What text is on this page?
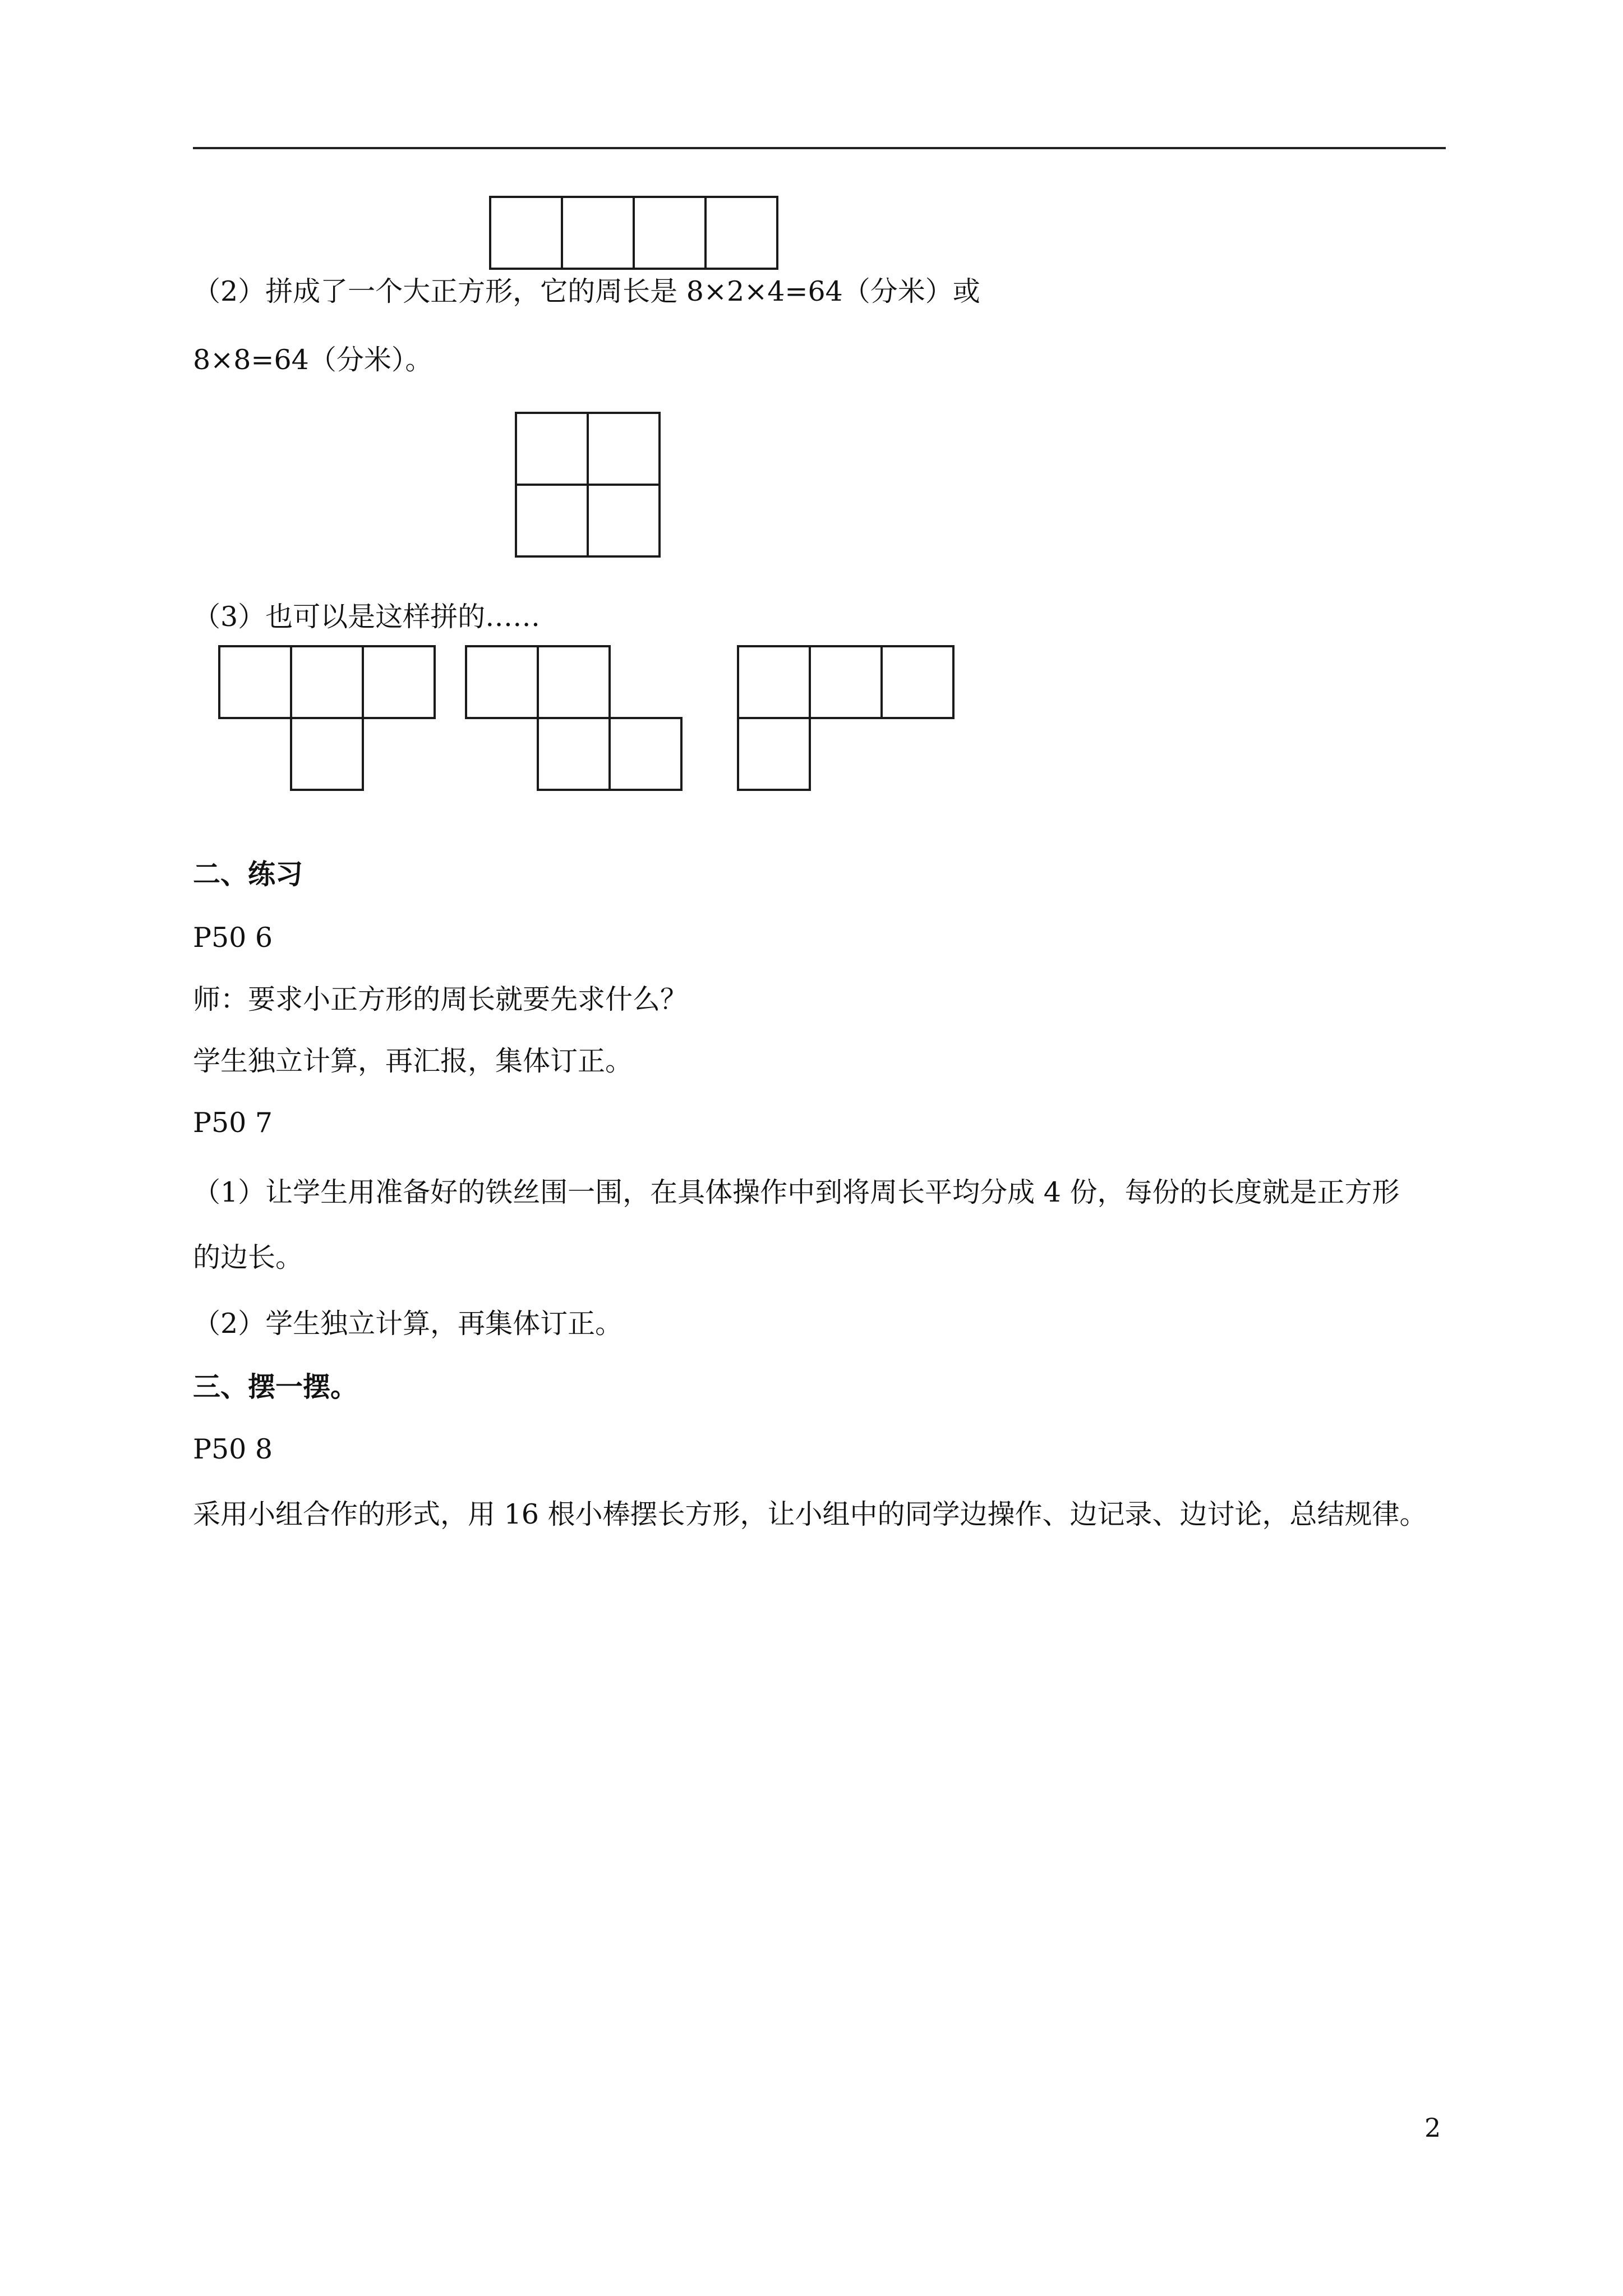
（2）拼成了一个大正方形，它的周长是 8×2×4=64（分米）或
8×8=64（分米）。
（3）也可以是这样拼的……
二、练习
P50 6
师：要求小正方形的周长就要先求什么？
学生独立计算，再汇报，集体订正。
P50 7
（1）让学生用准备好的铁丝围一围，在具体操作中到将周长平均分成 4 份，每份的长度就是正方形
的边长。
（2）学生独立计算，再集体订正。
三、摆一摆。
P50 8
采用小组合作的形式，用 16 根小棒摆长方形，让小组中的同学边操作、边记录、边讨论，总结规律。
2
